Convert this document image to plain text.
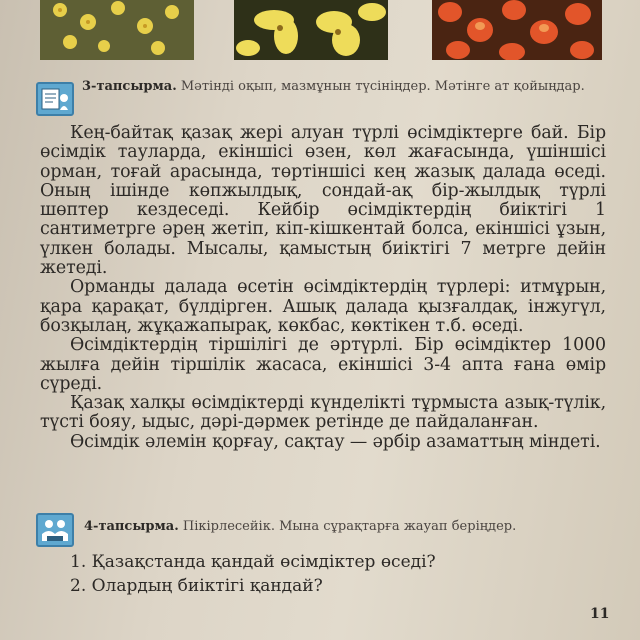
3-тапсырма. Мәтінді оқып, мазмұнын түсініңдер. Мәтінге ат қойыңдар.

Кең-байтақ қазақ жері алуан түрлі өсімдіктерге бай. Бір өсімдік тауларда, екіншісі өзен, көл жағасында, үшіншісі орман, тоғай арасында, төртіншісі кең жазық далада өседі. Оның ішінде көпжылдық, сондай-ақ бір-жылдық түрлі шөптер кездеседі. Кейбір өсімдіктердің биіктігі 1 сантиметрге әрең жетіп, кіп-кішкентай болса, екіншісі ұзын, үлкен болады. Мысалы, қамыстың биіктігі 7 метрге дейін жетеді.

Орманды далада өсетін өсімдіктердің түрлері: итмұрын, қара қарақат, бүлдірген. Ашық далада қызғалдақ, інжугүл, бозқылаң, жұқажапырақ, көкбас, көктікен т.б. өседі.

Өсімдіктердің тіршілігі де әртүрлі. Бір өсімдіктер 1000 жылға дейін тіршілік жасаса, екіншісі 3-4 апта ғана өмір сүреді.

Қазақ халқы өсімдіктерді күнделікті тұрмыста азық-түлік, түсті бояу, ыдыс, дәрі-дәрмек ретінде де пайдаланған.

Өсімдік әлемін қорғау, сақтау — әрбір азаматтың міндеті.

4-тапсырма. Пікірлесейік. Мына сұрақтарға жауап беріңдер.
1. Қазақстанда қандай өсімдіктер өседі?
2. Олардың биіктігі қандай?
11
